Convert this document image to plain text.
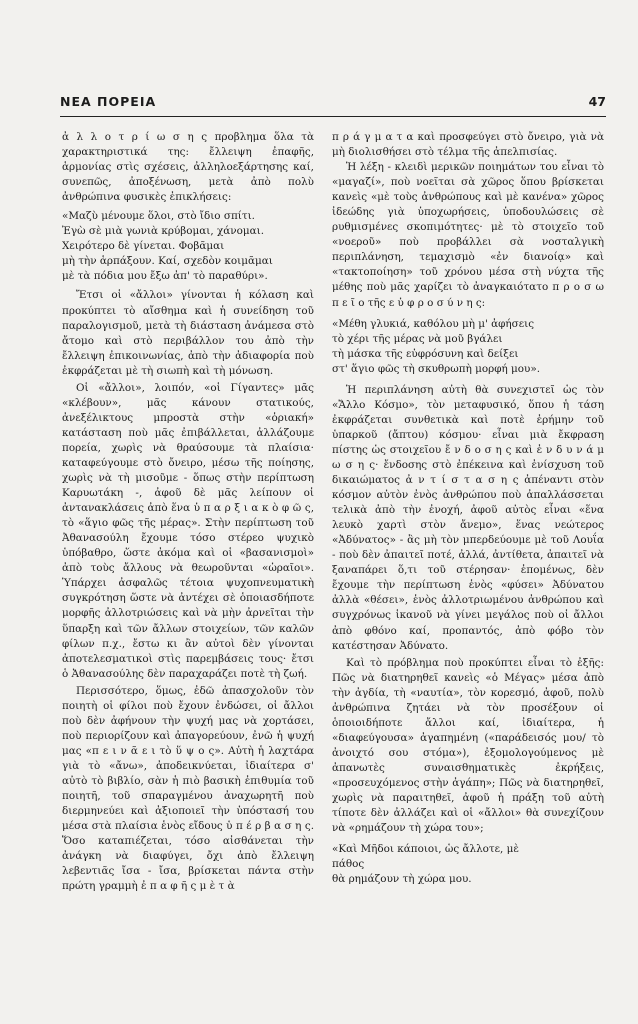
ΝΕΑ ΠΟΡΕΙΑ	47

ἀ λ λ ο τ ρ ί ω σ η ς προβλημα ὅλα τὰ χαρακτηριστικά της: ἔλλειψη ἐπαφῆς, ἁρμονίας στὶς σχέσεις, ἀλληλοεξάρτησης καί, συνεπῶς, ἀποξένωση, μετὰ ἀπὸ πολὺ ἀνθρώπινα φυσικὲς ἐπικλήσεις:

«Μαζὺ μένουμε ὅλοι, στὸ ἴδιο σπίτι.
Ἐγὼ σὲ μιὰ γωνιὰ κρύβομαι, χάνομαι.
Χειρότερο δὲ γίνεται. Φοβᾶμαι
μὴ τὴν ἁρπάξουν. Καί, σχεδὸν κοιμᾶμαι
μὲ τὰ πόδια μου ἔξω ἀπ' τὸ παραθύρι».

Ἔτσι οἱ «ἄλλοι» γίνονται ἡ κόλαση καὶ προκύπτει τὸ αἴσθημα καὶ ἡ συνείδηση τοῦ παραλογισμοῦ, μετὰ τὴ διάσταση ἀνάμεσα στὸ ἄτομο καὶ στὸ περιβάλλον του ἀπὸ τὴν ἔλλειψη ἐπικοινωνίας, ἀπὸ τὴν ἀδιαφορία ποὺ ἐκφράζεται μὲ τὴ σιωπὴ καὶ τὴ μόνωση.

Οἱ «ἄλλοι», λοιπόν, «οἱ Γίγαντες» μᾶς «κλέβουν», μᾶς κάνουν στατικούς, ἀνεξέλικτους μπροστὰ στὴν «ὁριακή» κατάσταση ποὺ μᾶς ἐπιβάλλεται, ἀλλάζουμε πορεία, χωρὶς νὰ θραύσουμε τὰ πλαίσια· καταφεύγουμε στὸ ὄνειρο, μέσω τῆς ποίησης, χωρὶς νὰ τὴ μισοῦμε - ὅπως στὴν περίπτωση Καρυωτάκη -, ἀφοῦ δὲ μᾶς λείπουν οἱ ἀντανακλάσεις ἀπὸ ἕνα ὑ π α ρ ξ ι α κ ὸ φ ῶ ς, τὸ «ἅγιο φῶς τῆς μέρας». Στὴν περίπτωση τοῦ Ἀθανασούλη ἔχουμε τόσο στέρεο ψυχικὸ ὑπόβαθρο, ὥστε ἀκόμα καὶ οἱ «βασανισμοὶ» ἀπὸ τοὺς ἄλλους νὰ θεωροῦνται «ὡραῖοι». Ὑπάρχει ἀσφαλῶς τέτοια ψυχοπνευματικὴ συγκρότηση ὥστε νὰ ἀντέχει σὲ ὁποιασδήποτε μορφῆς ἀλλοτριώσεις καὶ νὰ μὴν ἀρνεῖται τὴν ὕπαρξη καὶ τῶν ἄλλων στοιχείων, τῶν καλῶν φίλων π.χ., ἔστω κι ἂν αὐτοὶ δὲν γίνονται ἀποτελεσματικοὶ στὶς παρεμβάσεις τους· ἔτσι ὁ Ἀθανασούλης δὲν παραχαράζει ποτὲ τὴ ζωή.

Περισσότερο, ὅμως, ἐδῶ ἀπασχολοῦν τὸν ποιητὴ οἱ φίλοι ποὺ ἔχουν ἐνδώσει, οἱ ἄλλοι ποὺ δὲν ἀφήνουν τὴν ψυχή μας νὰ χορτάσει, ποὺ περιορίζουν καὶ ἀπαγορεύουν, ἐνῶ ἡ ψυχή μας «π ε ι ν ᾶ ε ι τὸ ὕ ψ ο ς». Αὐτὴ ἡ λαχτάρα γιὰ τὸ «ἄνω», ἀποδεικνύεται, ἰδιαίτερα σ' αὐτὸ τὸ βιβλίο, σὰν ἡ πιὸ βασικὴ ἐπιθυμία τοῦ ποιητῆ, τοῦ σπαραγμένου ἀναχωρητῆ ποὺ διερμηνεύει καὶ ἀξιοποιεῖ τὴν ὑπόστασή του μέσα στὰ πλαίσια ἑνὸς εἴδους ὑ π έ ρ β α σ η ς. Ὅσο καταπιέζεται, τόσο αἰσθάνεται τὴν ἀνάγκη νὰ διαφύγει, ὄχι ἀπὸ ἔλλειψη λεβεντιᾶς ἴσα - ἴσα, βρίσκεται πάντα στὴν πρώτη γραμμὴ ἐ π α φ ῆ ς μ ὲ τ ὰ

π ρ ά γ μ α τ α καὶ προσφεύγει στὸ ὄνειρο, γιὰ νὰ μὴ διολισθήσει στὸ τέλμα τῆς ἀπελπισίας.

Ἡ λέξη - κλειδὶ μερικῶν ποιημάτων του εἶναι τὸ «μαγαζί», ποὺ νοεῖται σὰ χῶρος ὅπου βρίσκεται κανεὶς «μὲ τοὺς ἀνθρώπους καὶ μὲ κανένα» χῶρος ἰδεώδης γιὰ ὑποχωρήσεις, ὑποδουλώσεις σὲ ρυθμισμένες σκοπιμότητες· μὲ τὸ στοιχεῖο τοῦ «νοεροῦ» ποὺ προβάλλει σὰ νοσταλγικὴ περιπλάνηση, τεμαχισμὸ «ἐν διανοίᾳ» καὶ «τακτοποίηση» τοῦ χρόνου μέσα στὴ νύχτα τῆς μέθης ποὺ μᾶς χαρίζει τὸ ἀναγκαιότατο π ρ ο σ ω π ε ῖ ο τῆς ε ὐ φ ρ ο σ ύ ν η ς:

«Μέθη γλυκιά, καθόλου μὴ μ' ἀφήσεις
τὸ χέρι τῆς μέρας νὰ μοῦ βγάλει
τὴ μάσκα τῆς εὐφρόσυνη καὶ δείξει
στ' ἅγιο φῶς τὴ σκυθρωπὴ μορφή μου».

Ἡ περιπλάνηση αὐτὴ θὰ συνεχιστεῖ ὡς τὸν «Ἄλλο Κόσμο», τὸν μεταφυσικό, ὅπου ἡ τάση ἐκφράζεται συνθετικὰ καὶ ποτὲ ἐρήμην τοῦ ὑπαρκοῦ (ἄπτου) κόσμου· εἶναι μιὰ ἔκφραση πίστης ὡς στοιχεῖου ἔ ν δ ο σ η ς καὶ ἐ ν δ υ ν ά μ ω σ η ς· ἔνδοσης στὸ ἐπέκεινα καὶ ἐνίσχυση τοῦ δικαιώματος ἀ ν τ ί σ τ α σ η ς ἀπέναντι στὸν κόσμον αὐτὸν ἐνὸς ἀνθρώπου ποὺ ἀπαλλάσσεται τελικὰ ἀπὸ τὴν ἐνοχή, ἀφοῦ αὐτὸς εἶναι «ἕνα λευκὸ χαρτὶ στὸν ἄνεμο», ἕνας νεώτερος «Ἀδύνατος» - ἂς μὴ τὸν μπερδεύουμε μὲ τοῦ Λουΐα - ποὺ δὲν ἀπαιτεῖ ποτέ, ἀλλά, ἀντίθετα, ἀπαιτεῖ νὰ ξαναπάρει ὅ,τι τοῦ στέρησαν· ἐπομένως, δὲν ἔχουμε τὴν περίπτωση ἑνὸς «φύσει» Ἀδύνατου ἀλλὰ «θέσει», ἑνὸς ἀλλοτριωμένου ἀνθρώπου καὶ συγχρόνως ἱκανοῦ νὰ γίνει μεγάλος ποὺ οἱ ἄλλοι ἀπὸ φθόνο καί, προπαντός, ἀπὸ φόβο τὸν κατέστησαν Ἀδύνατο.

Καὶ τὸ πρόβλημα ποὺ προκύπτει εἶναι τὸ ἐξῆς: Πῶς νὰ διατηρηθεῖ κανεὶς «ὁ Μέγας» μέσα ἀπὸ τὴν ἀγδία, τὴ «ναυτία», τὸν κορεσμό, ἀφοῦ, πολὺ ἀνθρώπινα ζητάει νὰ τὸν προσέξουν οἱ ὁποιοιδήποτε ἄλλοι καί, ἰδιαίτερα, ἡ «διαφεύγουσα» ἀγαπημένη («παράδεισός μου/ τὸ ἀνοιχτό σου στόμα»), ἐξομολογούμενος μὲ ἀπανωτὲς συναισθηματικὲς ἐκρήξεις, «προσευχόμενος στὴν ἀγάπη»; Πῶς νὰ διατηρηθεῖ, χωρὶς νὰ παραιτηθεῖ, ἀφοῦ ἡ πράξη τοῦ αὐτὴ τίποτε δὲν ἀλλάζει καὶ οἱ «ἄλλοι» θὰ συνεχίζουν νὰ «ρημάζουν τὴ χώρα του»;

«Καὶ Μῆδοι κάποιοι, ὡς ἄλλοτε, μὲ
πάθος
θὰ ρημάζουν τὴ χώρα μου.
